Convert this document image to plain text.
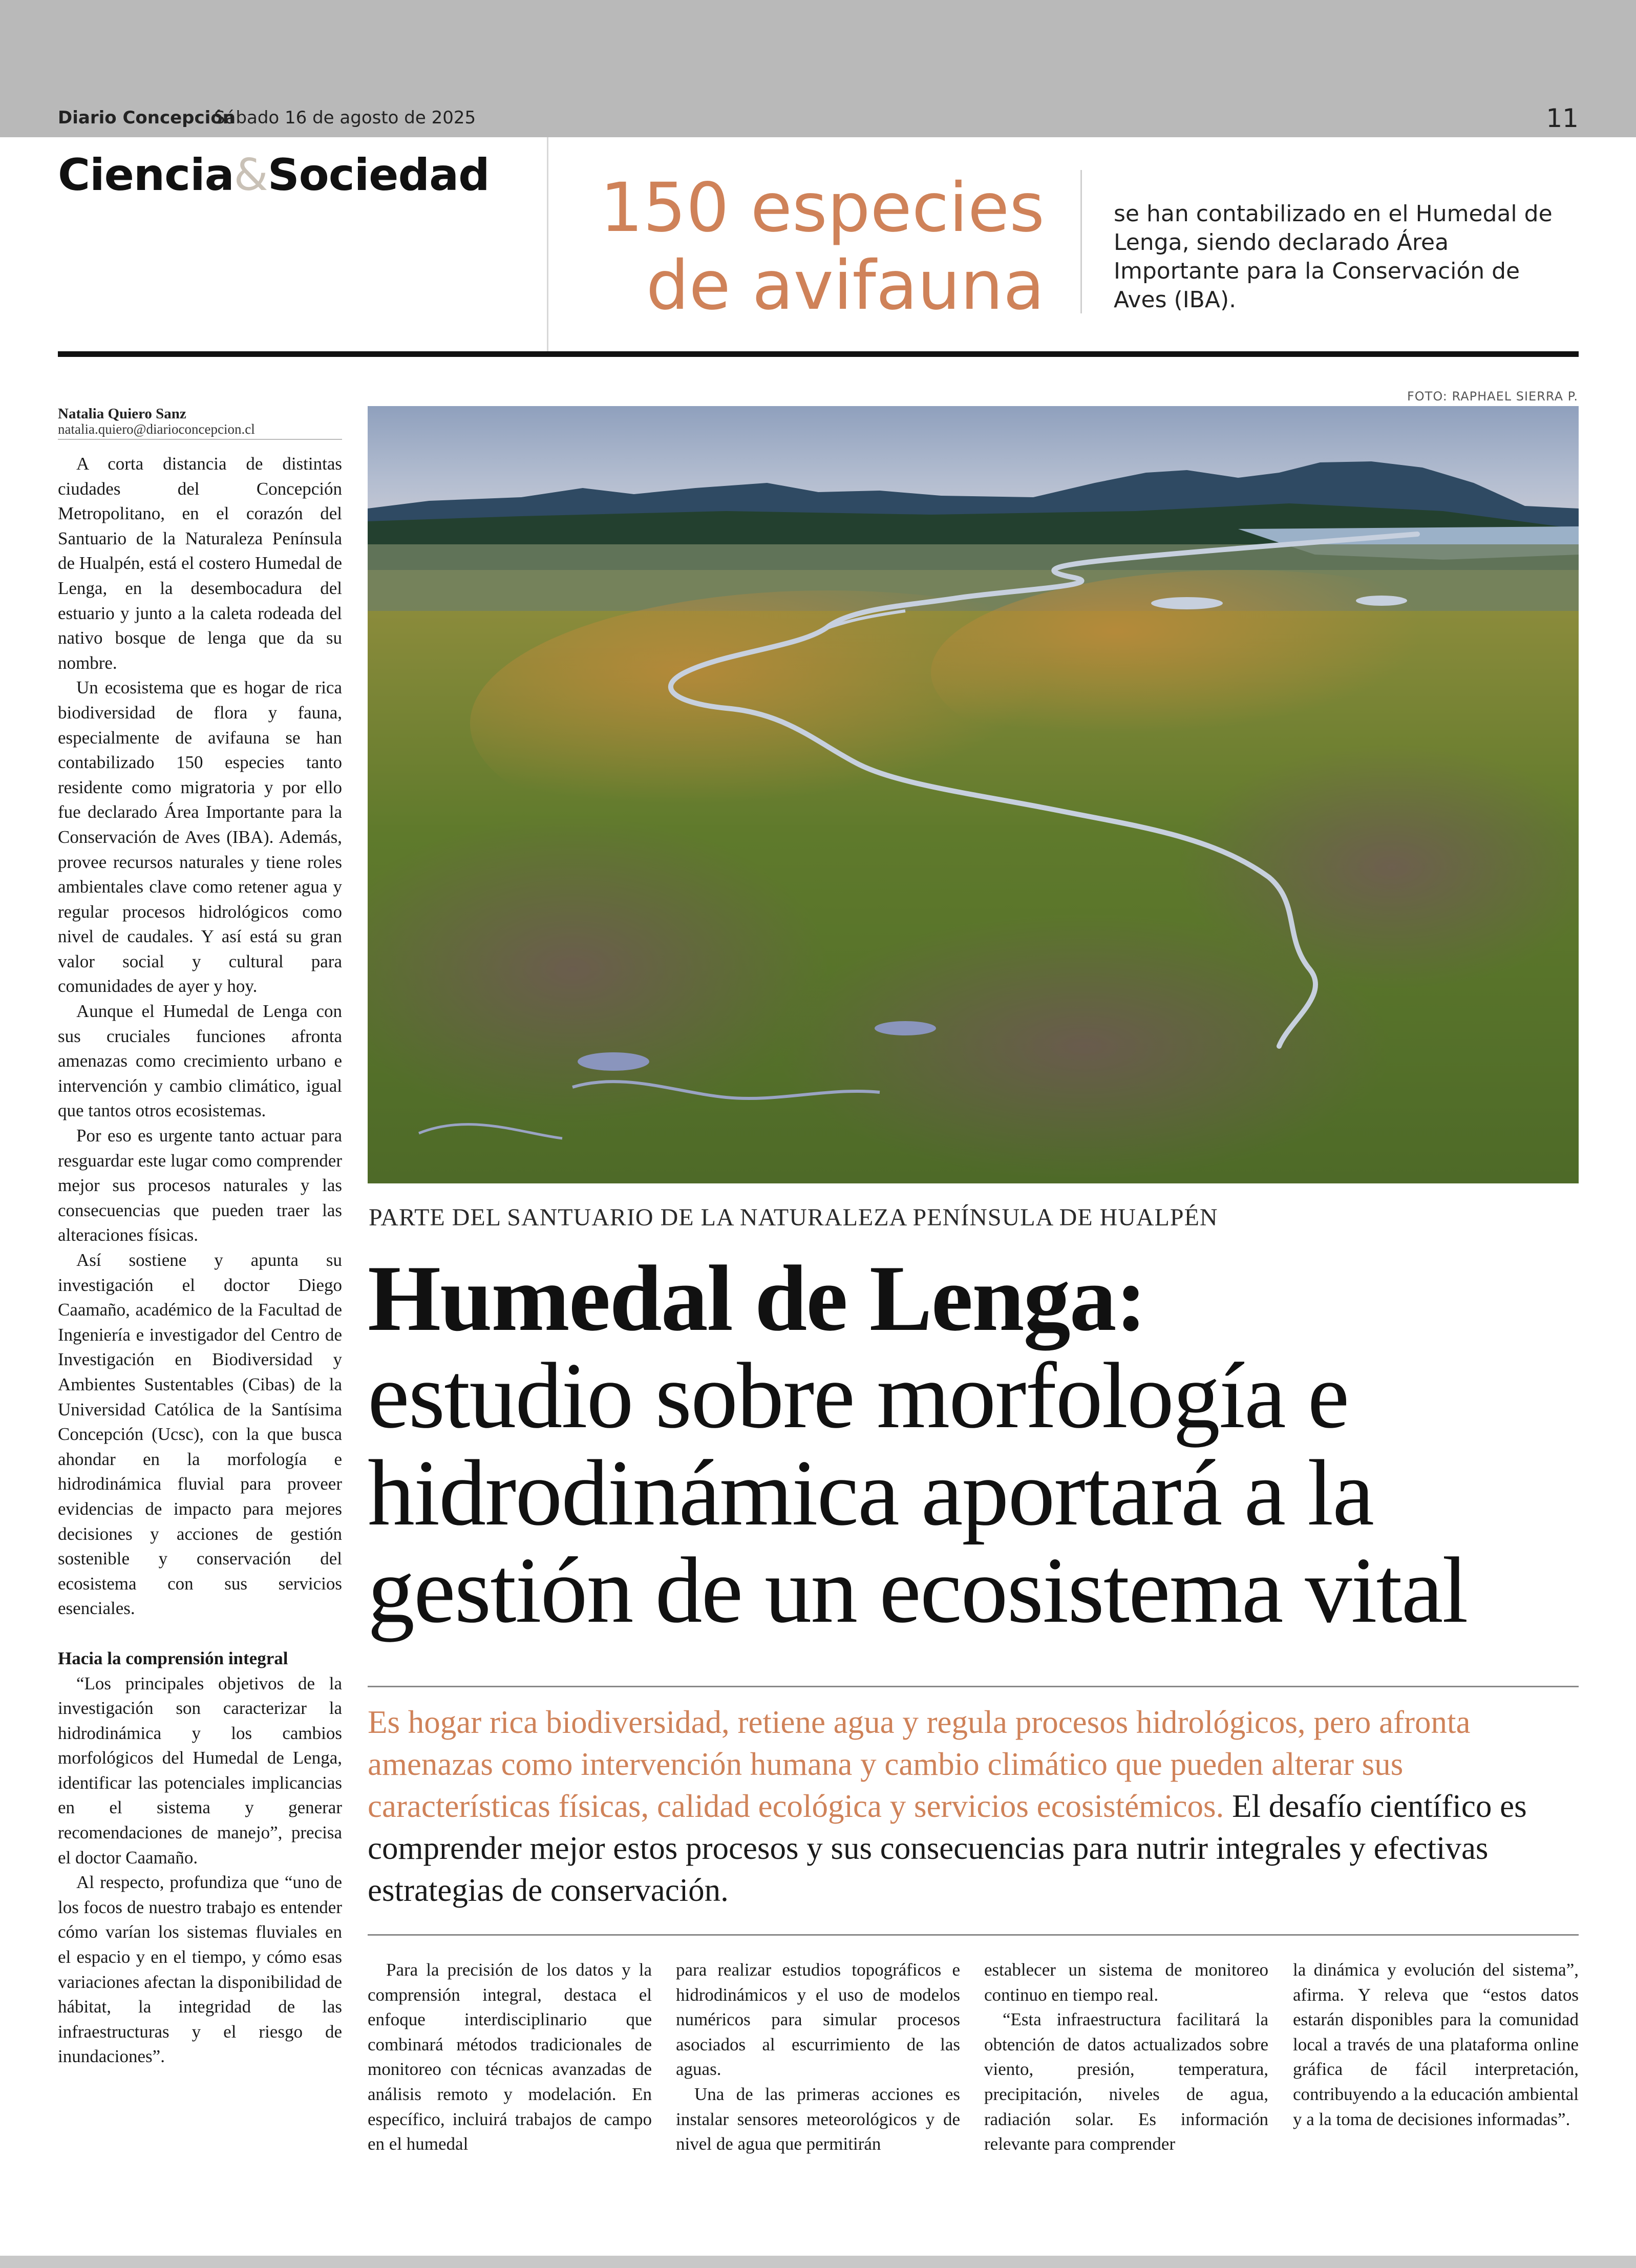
Diario Concepción
Sábado 16 de agosto de 2025	11
Ciencia&Sociedad	150 especies
de avifauna
se han contabilizado en el Humedal de Lenga, siendo declarado Área Importante para la Conservación de Aves (IBA).
FOTO: RAPHAEL SIERRA P.
Natalia Quiero Sanz
natalia.quiero@diarioconcepcion.cl

A corta distancia de distintas ciudades del Concepción Metropolitano, en el corazón del Santuario de la Naturaleza Península de Hualpén, está el costero Humedal de Lenga, en la desembocadura del estuario y junto a la caleta rodeada del nativo bosque de lenga que da su nombre.

Un ecosistema que es hogar de rica biodiversidad de flora y fauna, especialmente de avifauna se han contabilizado 150 especies tanto residente como migratoria y por ello fue declarado Área Importante para la Conservación de Aves (IBA). Además, provee recursos naturales y tiene roles ambientales clave como retener agua y regular procesos hidrológicos como nivel de caudales. Y así está su gran valor social y cultural para comunidades de ayer y hoy.

Aunque el Humedal de Lenga con sus cruciales funciones afronta amenazas como crecimiento urbano e intervención y cambio climático, igual que tantos otros ecosistemas.

Por eso es urgente tanto actuar para resguardar este lugar como comprender mejor sus procesos naturales y las consecuencias que pueden traer las alteraciones físicas.

Así sostiene y apunta su investigación el doctor Diego Caamaño, académico de la Facultad de Ingeniería e investigador del Centro de Investigación en Biodiversidad y Ambientes Sustentables (Cibas) de la Universidad Católica de la Santísima Concepción (Ucsc), con la que busca ahondar en la morfología e hidrodinámica fluvial para proveer evidencias de impacto para mejores decisiones y acciones de gestión sostenible y conservación del ecosistema con sus servicios esenciales.

Hacia la comprensión integral

“Los principales objetivos de la investigación son caracterizar la hidrodinámica y los cambios morfológicos del Humedal de Lenga, identificar las potenciales implicancias en el sistema y generar recomendaciones de manejo”, precisa el doctor Caamaño.

Al respecto, profundiza que “uno de los focos de nuestro trabajo es entender cómo varían los sistemas fluviales en el espacio y en el tiempo, y cómo esas variaciones afectan la disponibilidad de hábitat, la integridad de las infraestructuras y el riesgo de inundaciones”.

PARTE DEL SANTUARIO DE LA NATURALEZA PENÍNSULA DE HUALPÉN
Humedal de Lenga:
estudio sobre morfología e hidrodinámica aportará a la gestión de un ecosistema vital
Es hogar rica biodiversidad, retiene agua y regula procesos hidrológicos, pero afronta amenazas como intervención humana y cambio climático que pueden alterar sus características físicas, calidad ecológica y servicios ecosistémicos. El desafío científico es comprender mejor estos procesos y sus consecuencias para nutrir integrales y efectivas estrategias de conservación.

Para la precisión de los datos y la comprensión integral, destaca el enfoque interdisciplinario que combinará métodos tradicionales de monitoreo con técnicas avanzadas de análisis remoto y modelación. En específico, incluirá trabajos de campo en el humedal

para realizar estudios topográficos e hidrodinámicos y el uso de modelos numéricos para simular procesos asociados al escurrimiento de las aguas.

Una de las primeras acciones es instalar sensores meteorológicos y de nivel de agua que permitirán

establecer un sistema de monitoreo continuo en tiempo real.

“Esta infraestructura facilitará la obtención de datos actualizados sobre viento, presión, temperatura, precipitación, niveles de agua, radiación solar. Es información relevante para comprender

la dinámica y evolución del sistema”, afirma. Y releva que “estos datos estarán disponibles para la comunidad local a través de una plataforma online gráfica de fácil interpretación, contribuyendo a la educación ambiental y a la toma de decisiones informadas”.
